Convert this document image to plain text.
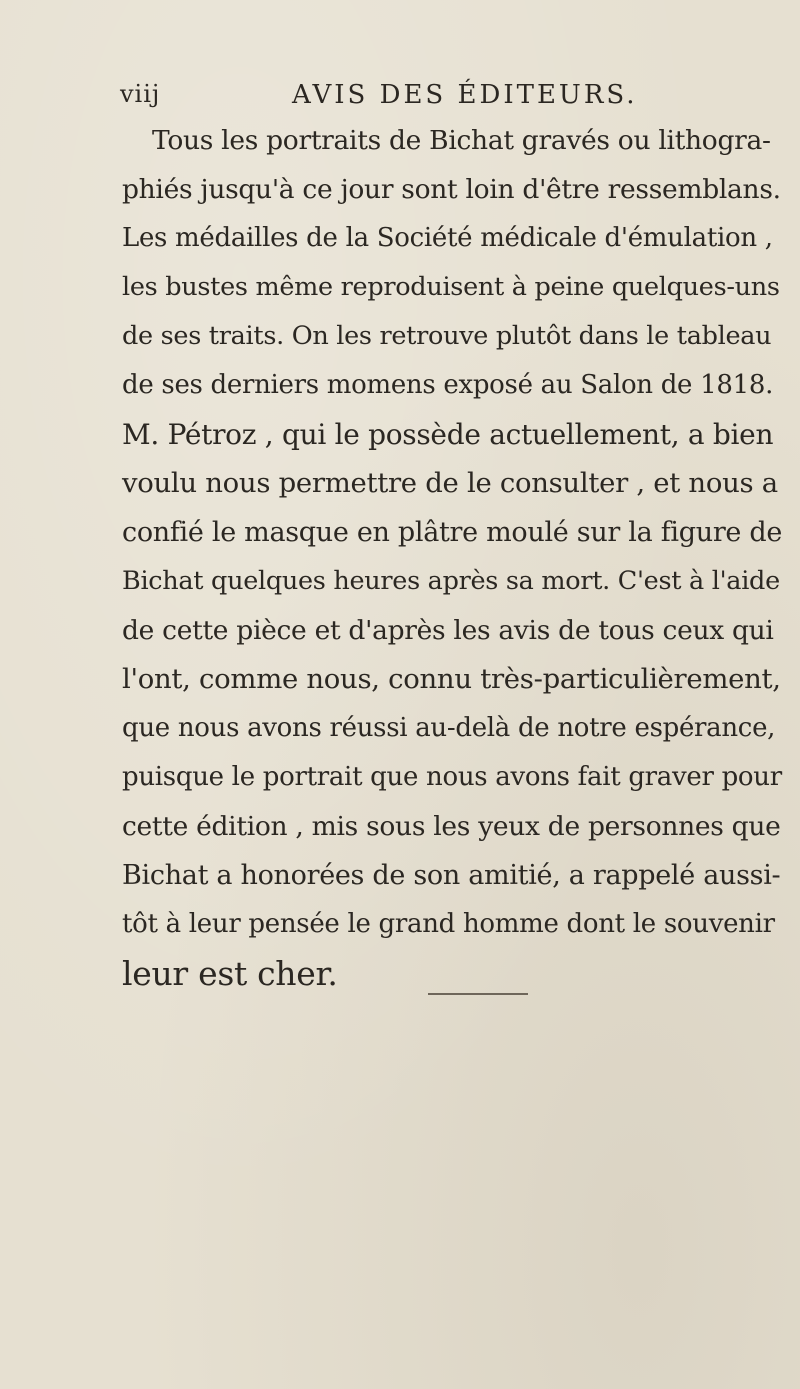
viij	AVIS DES ÉDITEURS.
Tous les portraits de Bichat gravés ou lithogra-
phiés jusqu'à ce jour sont loin d'être ressemblans.
Les médailles de la Société médicale d'émulation ,
les bustes même reproduisent à peine quelques-uns
de ses traits. On les retrouve plutôt dans le tableau
de ses derniers momens exposé au Salon de 1818.
M. Pétroz , qui le possède actuellement, a bien
voulu nous permettre de le consulter , et nous a
confié le masque en plâtre moulé sur la figure de
Bichat quelques heures après sa mort. C'est à l'aide
de cette pièce et d'après les avis de tous ceux qui
l'ont, comme nous, connu très-particulièrement,
que nous avons réussi au-delà de notre espérance,
puisque le portrait que nous avons fait graver pour
cette édition , mis sous les yeux de personnes que
Bichat a honorées de son amitié, a rappelé aussi-
tôt à leur pensée le grand homme dont le souvenir
leur est cher.
